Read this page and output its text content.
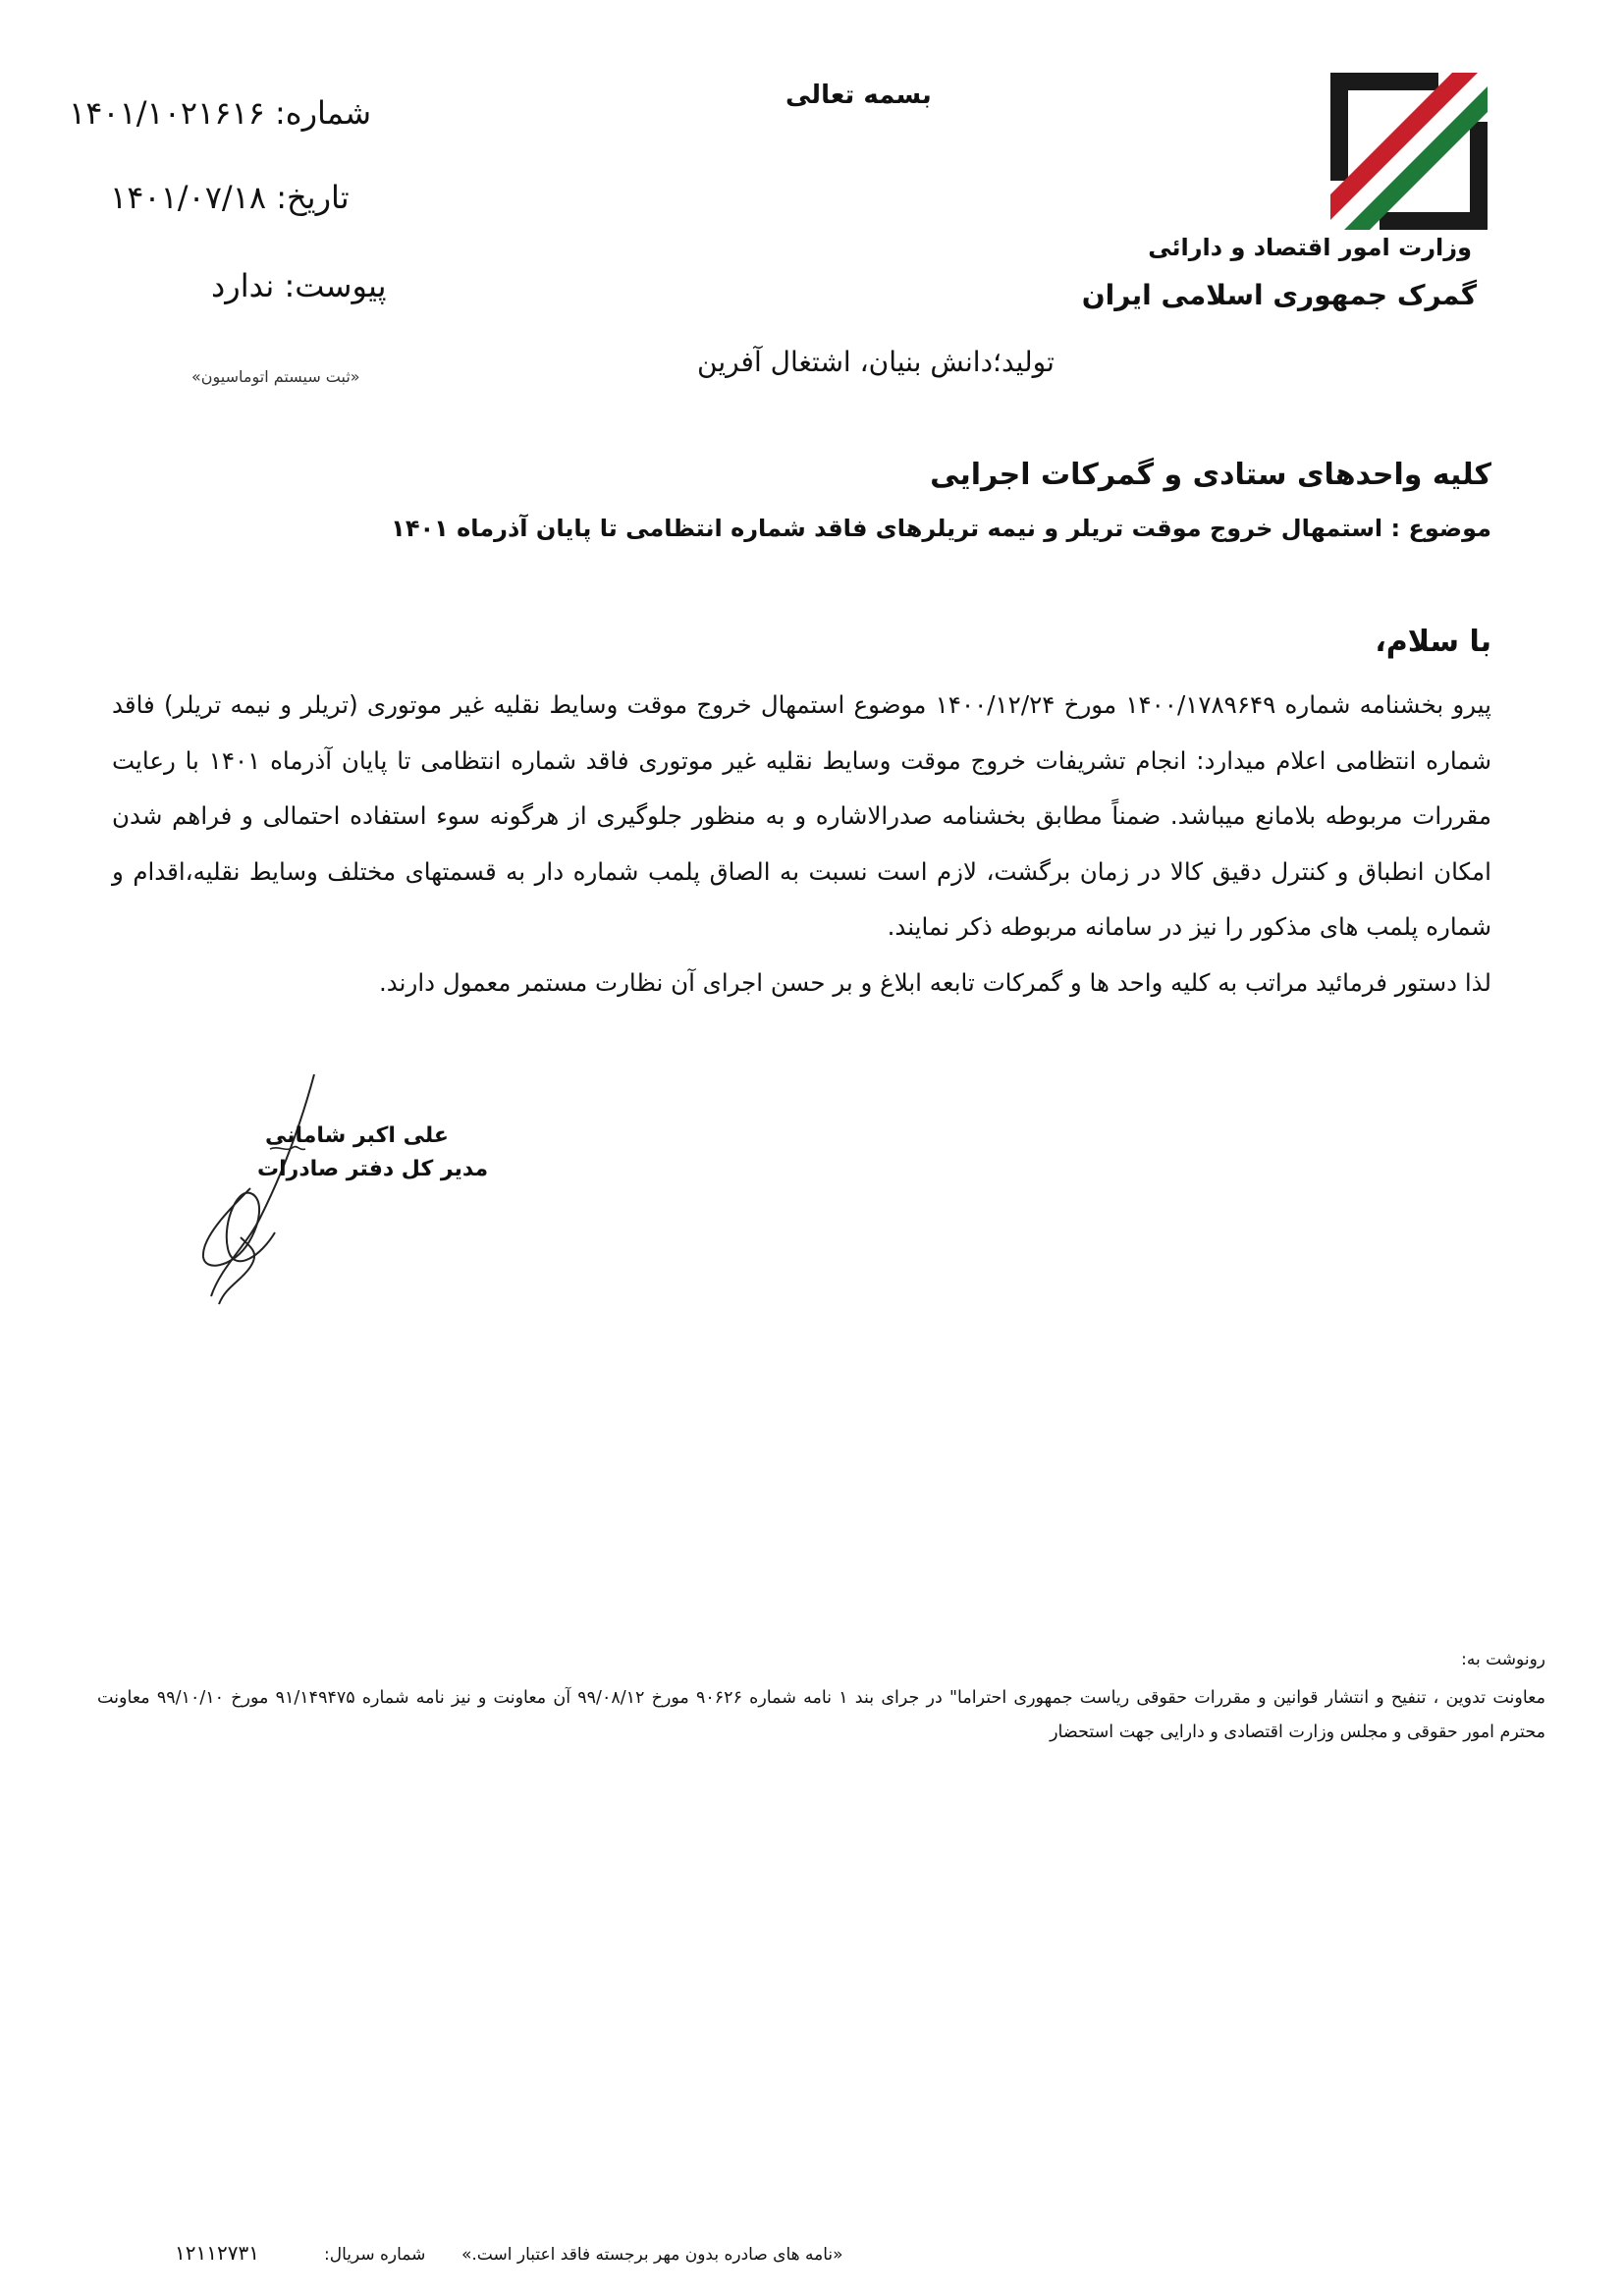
وزارت امور اقتصاد و دارائی
گمرک جمهوری اسلامی ایران
بسمه تعالی
تولید؛دانش بنیان، اشتغال آفرین
شماره: ۱۴۰۱/۱۰۲۱۶۱۶
تاریخ: ۱۴۰۱/۰۷/۱۸
پیوست: ندارد
«ثبت سیستم اتوماسیون»
کلیه واحدهای ستادی و گمرکات اجرایی
موضوع : استمهال خروج موقت تریلر و نیمه تریلرهای فاقد شماره انتظامی تا پایان آذرماه ۱۴۰۱
با سلام،

پیرو بخشنامه شماره ۱۴۰۰/۱۷۸۹۶۴۹ مورخ ۱۴۰۰/۱۲/۲۴ موضوع استمهال خروج موقت وسایط نقلیه غیر موتوری (تریلر و نیمه تریلر) فاقد شماره انتظامی اعلام میدارد: انجام تشریفات خروج موقت وسایط نقلیه غیر موتوری فاقد شماره انتظامی تا پایان آذرماه ۱۴۰۱ با رعایت مقررات مربوطه بلامانع میباشد. ضمناً مطابق بخشنامه صدرالاشاره و به منظور جلوگیری از هرگونه سوء استفاده احتمالی و فراهم شدن امکان انطباق و کنترل دقیق کالا در زمان برگشت، لازم است نسبت به الصاق پلمب شماره دار به قسمتهای مختلف وسایط نقلیه،اقدام و شماره پلمب های مذکور را نیز در سامانه مربوطه ذکر نمایند.

لذا دستور فرمائید مراتب به کلیه واحد ها و گمرکات تابعه ابلاغ و بر حسن اجرای آن نظارت مستمر معمول دارند.

علی اکبر شامانی
مدیر کل دفتر صادرات
رونوشت به:
معاونت تدوین ، تنفیح و انتشار قوانین و مقررات حقوقی ریاست جمهوری احتراما" در جرای بند ۱ نامه شماره ۹۰۶۲۶ مورخ ۹۹/۰۸/۱۲ آن معاونت و نیز نامه شماره ۹۱/۱۴۹۴۷۵ مورخ ۹۹/۱۰/۱۰ معاونت محترم امور حقوقی و مجلس وزارت اقتصادی و دارایی جهت استحضار
«نامه های صادره بدون مهر برجسته فاقد اعتبار است.»
شماره سریال:
۱۲۱۱۲۷۳۱
